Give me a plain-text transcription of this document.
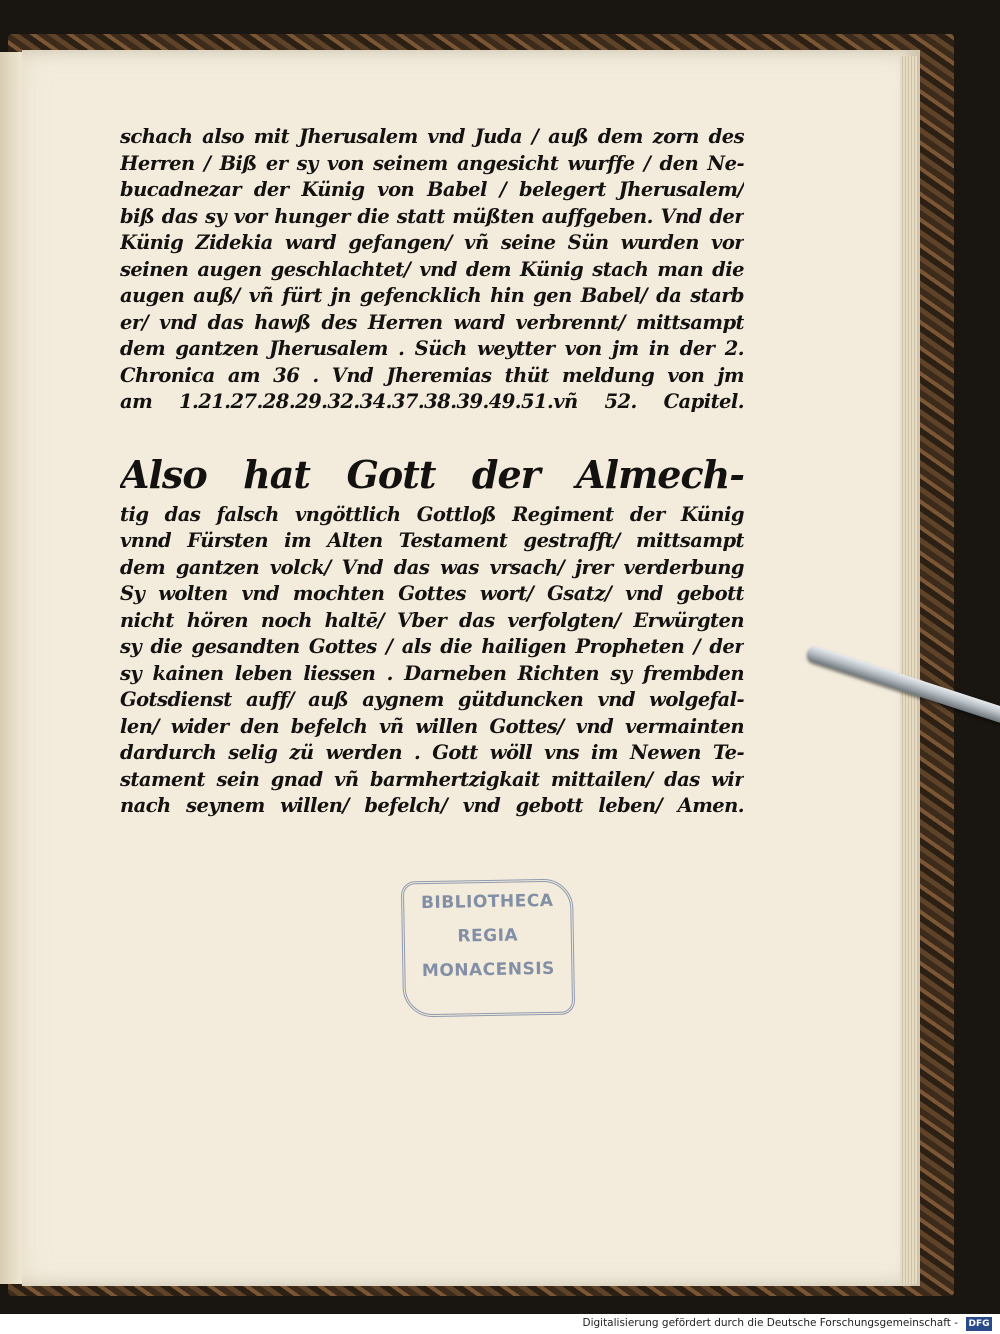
schach also mit Jherusalem vnd Juda / auß dem zorn des
Herren / Biß er sy von seinem angesicht wurffe / den Ne-
bucadnezar der Künig von Babel / belegert Jherusalem/
biß das sy vor hunger die statt müßten auffgeben. Vnd der
Künig Zidekia ward gefangen/ vñ seine Sün wurden vor
seinen augen geschlachtet/ vnd dem Künig stach man die
augen auß/ vñ fürt jn gefencklich hin gen Babel/ da starb
er/ vnd das hawß des Herren ward verbrennt/ mittsampt
dem gantzen Jherusalem . Süch weytter von jm in der 2.
Chronica am 36 . Vnd Jheremias thüt meldung von jm
am 1.21.27.28.29.32.34.37.38.39.49.51.vñ 52. Capitel.
Also hat Gott der Almech-
tig das falsch vngöttlich Gottloß Regiment der Künig
vnnd Fürsten im Alten Testament gestrafft/ mittsampt
dem gantzen volck/ Vnd das was vrsach/ jrer verderbung
Sy wolten vnd mochten Gottes wort/ Gsatz/ vnd gebott
nicht hören noch haltē/ Vber das verfolgten/ Erwürgten
sy die gesandten Gottes / als die hailigen Propheten / der
sy kainen leben liessen . Darneben Richten sy frembden
Gotsdienst auff/ auß aygnem gütduncken vnd wolgefal-
len/ wider den befelch vñ willen Gottes/ vnd vermainten
dardurch selig zü werden . Gott wöll vns im Newen Te-
stament sein gnad vñ barmhertzigkait mittailen/ das wir
nach seynem willen/ befelch/ vnd gebott leben/ Amen.
BIBLIOTHECA
REGIA
MONACENSIS
Digitalisierung gefördert durch die Deutsche Forschungsgemeinschaft - DFG
